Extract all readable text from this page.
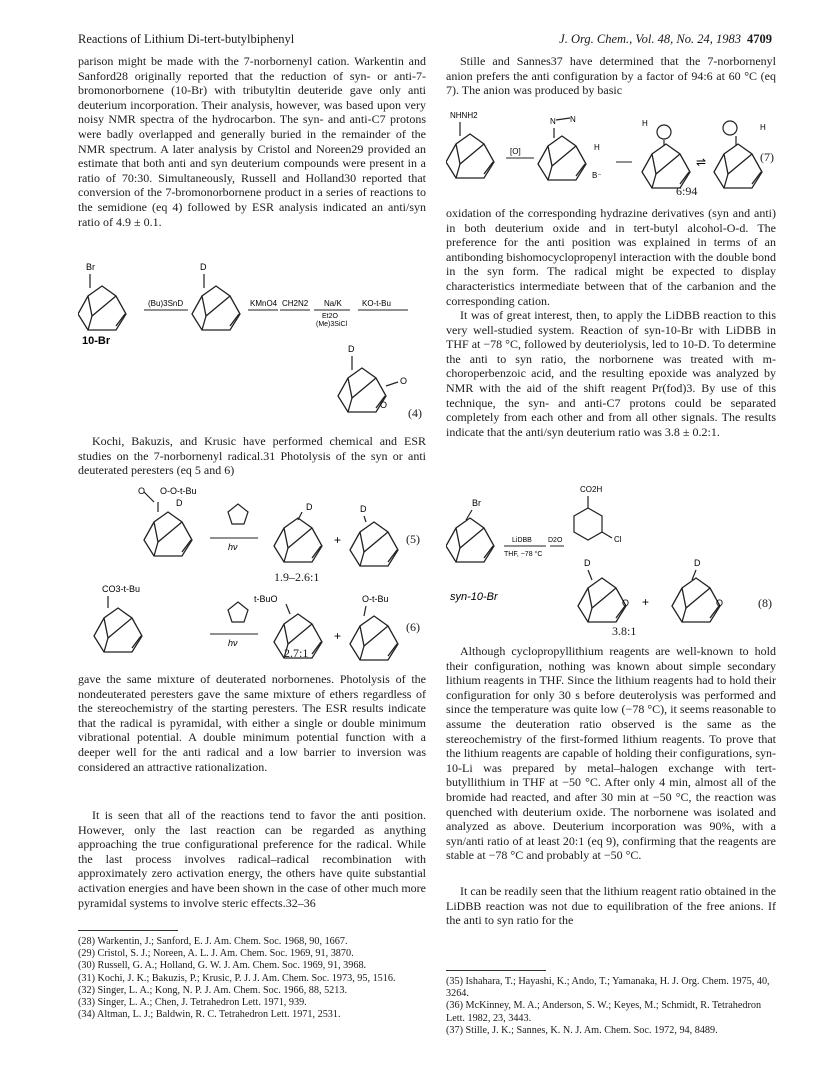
Reactions of Lithium Di-tert-butylbiphenyl	J. Org. Chem., Vol. 48, No. 24, 1983 4709

parison might be made with the 7-norbornenyl cation. Warkentin and Sanford28 originally reported that the reduction of syn- or anti-7-bromonorbornene (10-Br) with tributyltin deuteride gave only anti deuterium incorporation. Their analysis, however, was based upon very noisy NMR spectra of the hydrocarbon. The syn- and anti-C7 protons were badly overlapped and generally buried in the remainder of the NMR spectrum. A later analysis by Cristol and Noreen29 provided an estimate that both anti and syn deuterium compounds were present in a ratio of 70:30. Simultaneously, Russell and Holland30 reported that conversion of the 7-bromonorbornene product in a series of reactions to the semidione (eq 4) followed by ESR analysis indicated an anti/syn ratio of 4.9 ± 0.1.

Br
10-Br
(Bu)3SnD
D
KMnO4 CH2N2 Na/K
Et2O
(Me)3SiCl
KO-t-Bu
D
O
O
(4)

Kochi, Bakuzis, and Krusic have performed chemical and ESR studies on the 7-norbornenyl radical.31 Photolysis of the syn or anti deuterated peresters (eq 5 and 6)

O O-O-t-Bu
D
hν
D
+
D
(5)
1.9–2.6:1
CO3-t-Bu
hν
t-BuO
+
O-t-Bu
(6)
2.7:1

gave the same mixture of deuterated norbornenes. Photolysis of the nondeuterated peresters gave the same mixture of ethers regardless of the stereochemistry of the starting peresters. The ESR results indicate that the radical is pyramidal, with either a single or double minimum vibrational potential. A double minimum potential function with a deeper well for the anti radical and a low barrier to inversion was considered an attractive rationalization.

It is seen that all of the reactions tend to favor the anti position. However, only the last reaction can be regarded as anything approaching the true configurational preference for the radical. While the last process involves radical–radical recombination with approximately zero activation energy, the others have quite substantial activation energies and have been shown in the case of other much more pyramidal systems to involve steric effects.32–36

(28) Warkentin, J.; Sanford, E. J. Am. Chem. Soc. 1968, 90, 1667.

(29) Cristol, S. J.; Noreen, A. L. J. Am. Chem. Soc. 1969, 91, 3870.

(30) Russell, G. A.; Holland, G. W. J. Am. Chem. Soc. 1969, 91, 3968.

(31) Kochi, J. K.; Bakuzis, P.; Krusic, P. J. J. Am. Chem. Soc. 1973, 95, 1516.

(32) Singer, L. A.; Kong, N. P. J. Am. Chem. Soc. 1966, 88, 5213.

(33) Singer, L. A.; Chen, J. Tetrahedron Lett. 1971, 939.

(34) Altman, L. J.; Baldwin, R. C. Tetrahedron Lett. 1971, 2531.

Stille and Sannes37 have determined that the 7-norbornenyl anion prefers the anti configuration by a factor of 94:6 at 60 °C (eq 7). The anion was produced by basic

NHNH2
[O]
N N
H
B⁻
H
⇌
H
(7)
6:94

oxidation of the corresponding hydrazine derivatives (syn and anti) in both deuterium oxide and in tert-butyl alcohol-O-d. The preference for the anti position was explained in terms of an antibonding bishomocyclopropenyl interaction with the double bond in the syn form. The radical might be expected to display characteristics intermediate between that of the carbanion and the corresponding cation.

It was of great interest, then, to apply the LiDBB reaction to this very well-studied system. Reaction of syn-10-Br with LiDBB in THF at −78 °C, followed by deuteriolysis, led to 10-D. To determine the anti to syn ratio, the norbornene was treated with m-choroperbenzoic acid, and the resulting epoxide was analyzed by NMR with the aid of the shift reagent Pr(fod)3. By use of this technique, the syn- and anti-C7 protons could be separated completely from each other and from all other signals. The results indicate that the anti/syn deuterium ratio was 3.8 ± 0.2:1.

Br
LiDBB
THF, −78 °C
D2O
CO2H
Cl
syn-10-Br
D
O +
D
O	(8)
3.8:1

Although cyclopropyllithium reagents are well-known to hold their configuration, nothing was known about simple secondary lithium reagents in THF. Since the lithium reagents had to hold their configuration for only 30 s before deuterolysis was performed and since the temperature was quite low (−78 °C), it seems reasonable to assume the deuteration ratio observed is the same as the stereochemistry of the first-formed lithium reagents. To prove that the lithium reagents are capable of holding their configurations, syn-10-Li was prepared by metal–halogen exchange with tert-butyllithium in THF at −50 °C. After only 4 min, almost all of the bromide had reacted, and after 30 min at −50 °C, the reaction was quenched with deuterium oxide. The norbornene was isolated and analyzed as above. Deuterium incorporation was 90%, with a syn/anti ratio of at least 20:1 (eq 9), confirming that the reagents are stable at −78 °C and probably at −50 °C.

It can be readily seen that the lithium reagent ratio obtained in the LiDBB reaction was not due to equilibration of the free anions. If the anti to syn ratio for the

(35) Ishahara, T.; Hayashi, K.; Ando, T.; Yamanaka, H. J. Org. Chem. 1975, 40, 3264.

(36) McKinney, M. A.; Anderson, S. W.; Keyes, M.; Schmidt, R. Tetrahedron Lett. 1982, 23, 3443.

(37) Stille, J. K.; Sannes, K. N. J. Am. Chem. Soc. 1972, 94, 8489.
